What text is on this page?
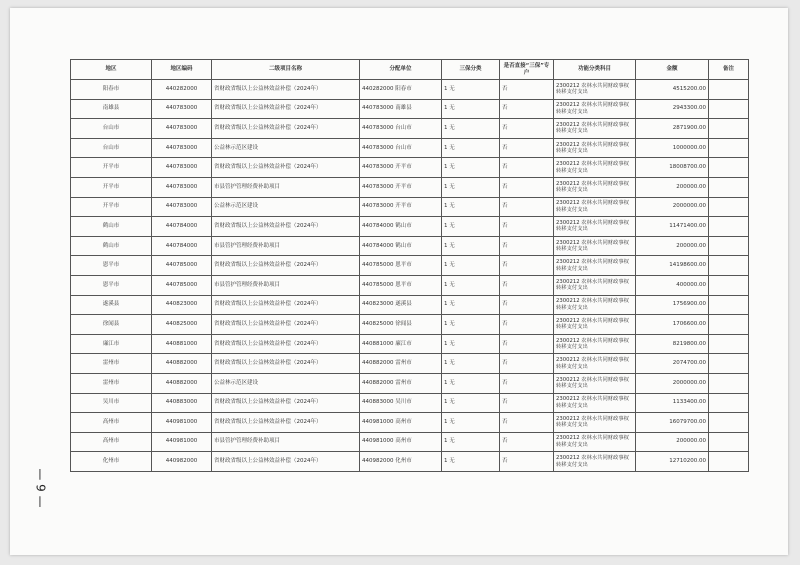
— 9 —
地区	地区编码	二级项目名称	分配单位	三保分类	是否直接“三保”专户	功能分类科目	金额	备注
阳春市	440282000	省财政省级以上公益林效益补偿（2024年）	440282000 阳春市	1 无	否	2300212 农林水共同财政事权转移支付支出	4515200.00	
南雄县	440783000	省财政省级以上公益林效益补偿（2024年）	440783000 南雄县	1 无	否	2300212 农林水共同财政事权转移支付支出	2943300.00	
台山市	440783000	省财政省级以上公益林效益补偿（2024年）	440783000 台山市	1 无	否	2300212 农林水共同财政事权转移支付支出	2871900.00	
台山市	440783000	公益林示范区建设	440783000 台山市	1 无	否	2300212 农林水共同财政事权转移支付支出	1000000.00	
开平市	440783000	省财政省级以上公益林效益补偿（2024年）	440783000 开平市	1 无	否	2300212 农林水共同财政事权转移支付支出	18008700.00	
开平市	440783000	市县管护管理经费补助项目	440783000 开平市	1 无	否	2300212 农林水共同财政事权转移支付支出	200000.00	
开平市	440783000	公益林示范区建设	440783000 开平市	1 无	否	2300212 农林水共同财政事权转移支付支出	2000000.00	
鹤山市	440784000	省财政省级以上公益林效益补偿（2024年）	440784000 鹤山市	1 无	否	2300212 农林水共同财政事权转移支付支出	11471400.00	
鹤山市	440784000	市县管护管理经费补助项目	440784000 鹤山市	1 无	否	2300212 农林水共同财政事权转移支付支出	200000.00	
恩平市	440785000	省财政省级以上公益林效益补偿（2024年）	440785000 恩平市	1 无	否	2300212 农林水共同财政事权转移支付支出	14198600.00	
恩平市	440785000	市县管护管理经费补助项目	440785000 恩平市	1 无	否	2300212 农林水共同财政事权转移支付支出	400000.00	
遂溪县	440823000	省财政省级以上公益林效益补偿（2024年）	440823000 遂溪县	1 无	否	2300212 农林水共同财政事权转移支付支出	1756900.00	
徐闻县	440825000	省财政省级以上公益林效益补偿（2024年）	440825000 徐闻县	1 无	否	2300212 农林水共同财政事权转移支付支出	1706600.00	
廉江市	440881000	省财政省级以上公益林效益补偿（2024年）	440881000 廉江市	1 无	否	2300212 农林水共同财政事权转移支付支出	8219800.00	
雷州市	440882000	省财政省级以上公益林效益补偿（2024年）	440882000 雷州市	1 无	否	2300212 农林水共同财政事权转移支付支出	2074700.00	
雷州市	440882000	公益林示范区建设	440882000 雷州市	1 无	否	2300212 农林水共同财政事权转移支付支出	2000000.00	
吴川市	440883000	省财政省级以上公益林效益补偿（2024年）	440883000 吴川市	1 无	否	2300212 农林水共同财政事权转移支付支出	1133400.00	
高州市	440981000	省财政省级以上公益林效益补偿（2024年）	440981000 高州市	1 无	否	2300212 农林水共同财政事权转移支付支出	16079700.00	
高州市	440981000	市县管护管理经费补助项目	440981000 高州市	1 无	否	2300212 农林水共同财政事权转移支付支出	200000.00	
化州市	440982000	省财政省级以上公益林效益补偿（2024年）	440982000 化州市	1 无	否	2300212 农林水共同财政事权转移支付支出	12710200.00	
